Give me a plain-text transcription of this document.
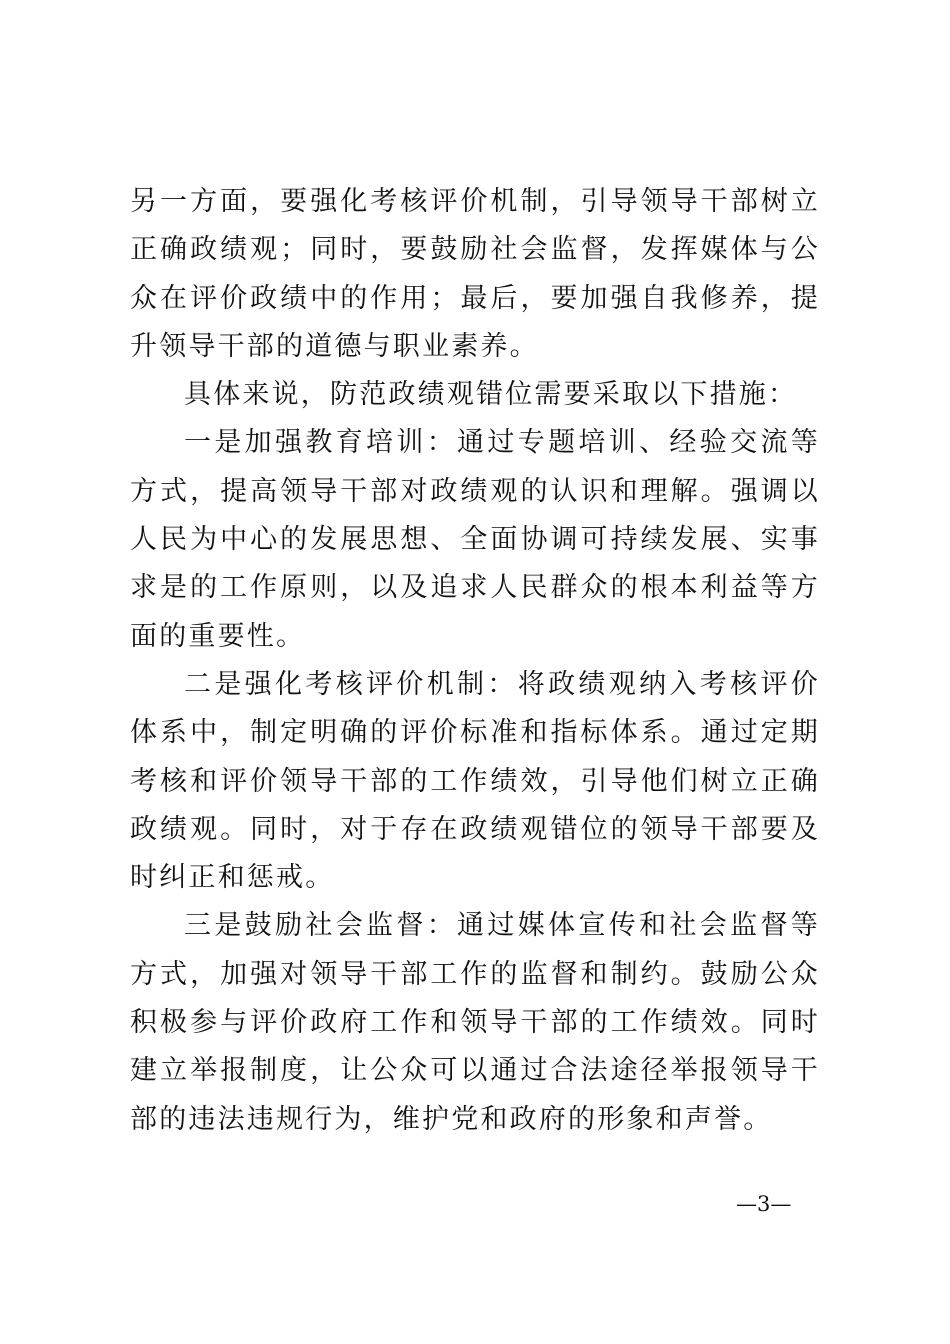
另一方面，要强化考核评价机制，引导领导干部树立正确政绩观；同时，要鼓励社会监督，发挥媒体与公众在评价政绩中的作用；最后，要加强自我修养，提升领导干部的道德与职业素养。

具体来说，防范政绩观错位需要采取以下措施：

一是加强教育培训：通过专题培训、经验交流等方式，提高领导干部对政绩观的认识和理解。强调以人民为中心的发展思想、全面协调可持续发展、实事求是的工作原则，以及追求人民群众的根本利益等方面的重要性。

二是强化考核评价机制：将政绩观纳入考核评价体系中，制定明确的评价标准和指标体系。通过定期考核和评价领导干部的工作绩效，引导他们树立正确政绩观。同时，对于存在政绩观错位的领导干部要及时纠正和惩戒。

三是鼓励社会监督：通过媒体宣传和社会监督等方式，加强对领导干部工作的监督和制约。鼓励公众积极参与评价政府工作和领导干部的工作绩效。同时建立举报制度，让公众可以通过合法途径举报领导干部的违法违规行为，维护党和政府的形象和声誉。

—3—
